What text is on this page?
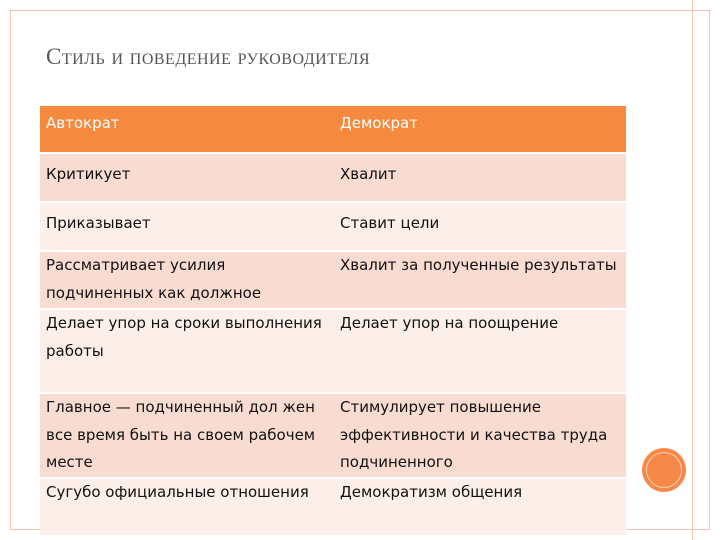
Стиль и поведение руководителя
Автократ	Демократ
Критикует	Хвалит
Приказывает	Ставит цели
Рассматривает усилия подчиненных как должное	Хвалит за полученные результаты
Делает упор на сроки выполнения работы	Делает упор на поощрение
Главное — подчиненный дол жен все время быть на своем рабочем месте	Стимулирует повышение эффективности и качества труда подчиненного
Сугубо официальные отношения	Демократизм общения
